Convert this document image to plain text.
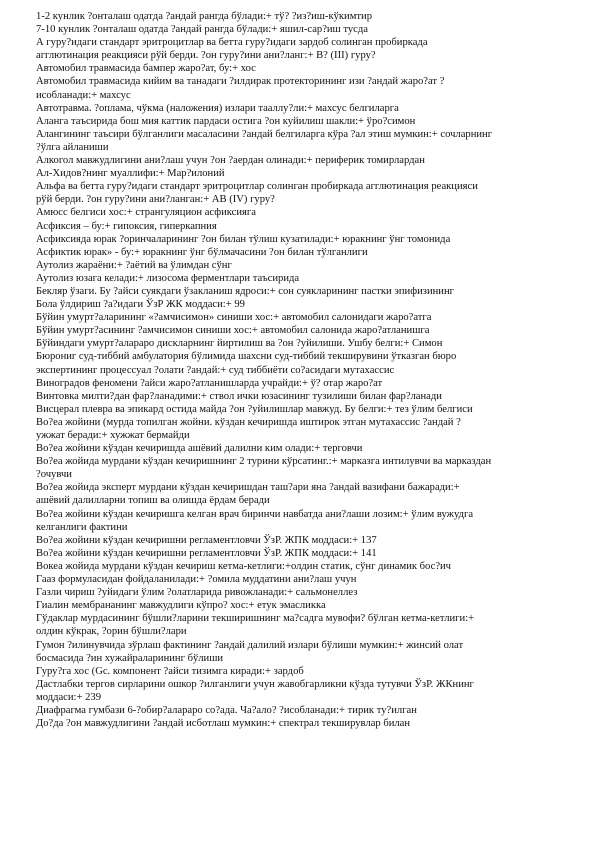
1-2 кунлик ?онталаш одатда ?андай рангда бўлади:+ тў? ?из?иш-кўкимтир
7-10 кунлик ?онталаш одатда ?андай рангда бўлади:+ яшил-сар?иш тусда
А гуру?идаги стандарт эритроцитлар ва бетта гуру?идаги зардоб солинган пробиркада
агглютинация реакцияси рўй берди. ?он гуру?ини ани?ланг:+ В? (III) гуру?
Автомобил травмасида бампер жаро?ат, бу:+ хос
Автомобил травмасида кийим ва танадаги ?илдирак протекторининг изи ?андай жаро?ат ?
исобланади:+ махсус
Автотравма. ?оплама, чўкма (наложения) излари тааллу?ли:+ махсус белгиларга
Аланга таъсирида бош мия каттик пардаси остига ?он куйилиш шакли:+ ўро?симон
Алангининг таъсири бўлганлиги масаласини ?андай белгиларга кўра ?ал этиш мумкин:+ сочларнинг
?ўлга айланиши
Алкогол мавжудлигини ани?лаш учун ?он ?аердан олинади:+ периферик томирлардан
Ал-Хидов?нинг муаллифи:+ Мар?илоний
Альфа ва бетта гуру?идаги стандарт эритроцитлар солинган пробиркада агглютинация реакцияси
рўй берди. ?он гуру?ини ани?ланган:+ АВ (IV) гуру?
Амюсс белгиси хос:+ странгуляцион асфиксияга
Асфиксия – бу:+ гипоксия, гиперкапния
Асфиксияда юрак ?оринчаларининг ?он билан тўлиш кузатилади:+ юракнинг ўнг томонида
Асфиктик юрак» - бу:+ юракнинг ўнг бўлмачасини ?он билан тўлганлиги
Аутолиз жараёни:+ ?аётий ва ўлимдан сўнг
Аутолиз юзага келади:+ лизосома ферментлари таъсирида
Бекляр ўзаги. Бу ?айси суякдаги ўзакланиш ядроси:+ сон суякларининг пастки эпифизининг
Бола ўлдириш ?а?идаги ЎзР ЖК моддаси:+ 99
Бўйин умурт?аларининг «?амчисимон» синиши хос:+ автомобил салонидаги жаро?атга
Бўйин умурт?асининг ?амчисимон синиши хос:+ автомобил салонида жаро?атланишга
Бўйиндаги умурт?алараро дискларнинг йиртилиш ва ?он ?уйилиши. Ушбу белги:+ Симон
Бюрониг суд-тиббий амбулатория бўлимида шахсни суд-тиббий текширувини ўтказган бюро
экспертининг процессуал ?олати ?андай:+ суд тиббиёти со?асидаги мутахассис
Виноградов феномени ?айси жаро?атланишларда учрайди:+ ў? отар жаро?ат
Винтовка милти?дан фар?ланадими:+ ствол ички юзасининг тузилиши билан фар?ланади
Висцерал плевра ва эпикард остида майда ?он ?уйилишлар мавжуд. Бу белги:+ тез ўлим белгиси
Во?еа жойини (мурда топилган жойни. кўздан кечиришда иштирок этган мутахассис ?андай ?
ужжат беради:+ хужжат бермайди
Во?еа жойини кўздан кечиришда ашёвий далилни ким олади:+ терговчи
Во?еа жойида мурдани кўздан кечиришнинг 2 турини кўрсатинг.:+ марказга интилувчи ва марказдан
?очувчи
Во?еа жойида эксперт мурдани кўздан кечиришдан таш?ари яна ?андай вазифани бажаради:+
ашёвий далилларни топиш ва олишда ёрдам беради
Во?еа жойини кўздан кечиришга келган врач биринчи навбатда ани?лаши лозим:+ ўлим вужудга
келганлиги фактини
Во?еа жойини кўздан кечиришни регламентловчи ЎзР. ЖПК моддаси:+ 137
Во?еа жойини кўздан кечиришни регламентловчи ЎзР. ЖПК моддаси:+ 141
Вокеа жойида мурдани кўздан кечириш кетма-кетлиги:+олдин статик, сўнг динамик бос?ич
Гааз формуласидан фойдаланилади:+ ?омила муддатини ани?лаш учун
Газли чириш ?уйидаги ўлим ?олатларида ривожланади:+ сальмонеллез
Гиалин мембрананинг мавжудлиги кўпро? хос:+ етук эмасликка
Гўдаклар мурдасининг бўшли?ларини текширишнинг ма?садга мувофи? бўлган кетма-кетлиги:+
олдин кўкрак, ?орин бўшли?лари
Гумон ?илинувчида зўрлаш фактининг ?андай далилий излари бўлиши мумкин:+ жинсий олат
босмасида ?ин хужайраларининг бўлиши
Гуру?га хос (Gc. компонент ?айси тизимга киради:+ зардоб
Дастлабки тергов сирларини ошкор ?илганлиги учун жавобгарликни кўзда тутувчи ЎзР. ЖКнинг
моддаси:+ 239
Диафрагма гумбази 6-?обир?алараро со?ада. Ча?ало? ?исобланади:+ тирик ту?илган
До?да ?он мавжудлигини ?андай исботлаш мумкин:+ спектрал текширувлар билан
